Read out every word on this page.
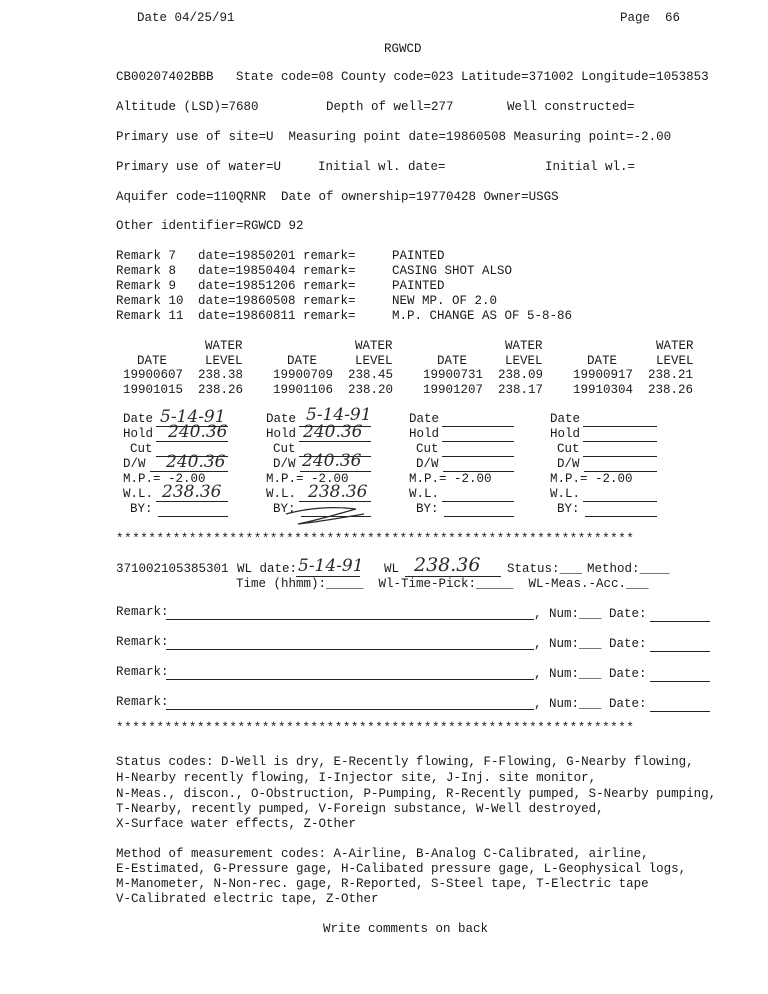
Date 04/25/91	Page  66
RGWCD
CB00207402BBB   State code=08 County code=023 Latitude=371002 Longitude=1053853
Altitude (LSD)=7680	Depth of well=277	Well constructed=
Primary use of site=U  Measuring point date=19860508 Measuring point=-2.00
Primary use of water=U	Initial wl. date=	Initial wl.=
Aquifer code=110QRNR  Date of ownership=19770428 Owner=USGS
Other identifier=RGWCD 92
Remark 7 date=19850201 remark=	PAINTED
Remark 8 date=19850404 remark=	CASING SHOT ALSO
Remark 9 date=19851206 remark=	PAINTED
Remark 10 date=19860508 remark=	NEW MP. OF 2.0
Remark 11 date=19860811 remark=	M.P. CHANGE AS OF 5-8-86
WATER
DATE	LEVEL
WATER
DATE	LEVEL
WATER
DATE	LEVEL
WATER
DATE	LEVEL
19900607 238.38 19900709 238.45 19900731 238.09 19900917 238.21
19901015 238.26 19901106 238.20 19901207 238.17 19910304 238.26
Date 5-14-91
Hold 240.36
Cut
D/W 240.36
M.P.= -2.00
W.L. 238.36
BY:
Date 5-14-91
Hold 240.36
Cut
D/W 240.36
M.P.= -2.00
W.L. 238.36
BY:
Date
Hold
Cut
D/W
M.P.= -2.00
W.L.
BY:
Date
Hold
Cut
D/W
M.P.= -2.00
W.L.
BY:
****************************************************************
371002105385301 WL date: 5-14-91 WL 238.36 Status:___ Method:____
Time (hhmm):_____  Wl-Time-Pick:_____  WL-Meas.-Acc.___
Remark:	, Num:___ Date:
Remark:	, Num:___ Date:
Remark:	, Num:___ Date:
Remark:	, Num:___ Date:
****************************************************************
Status codes: D-Well is dry, E-Recently flowing, F-Flowing, G-Nearby flowing,
H-Nearby recently flowing, I-Injector site, J-Inj. site monitor,
N-Meas., discon., O-Obstruction, P-Pumping, R-Recently pumped, S-Nearby pumping,
T-Nearby, recently pumped, V-Foreign substance, W-Well destroyed,
X-Surface water effects, Z-Other
Method of measurement codes: A-Airline, B-Analog C-Calibrated, airline,
E-Estimated, G-Pressure gage, H-Calibated pressure gage, L-Geophysical logs,
M-Manometer, N-Non-rec. gage, R-Reported, S-Steel tape, T-Electric tape
V-Calibrated electric tape, Z-Other
Write comments on back
